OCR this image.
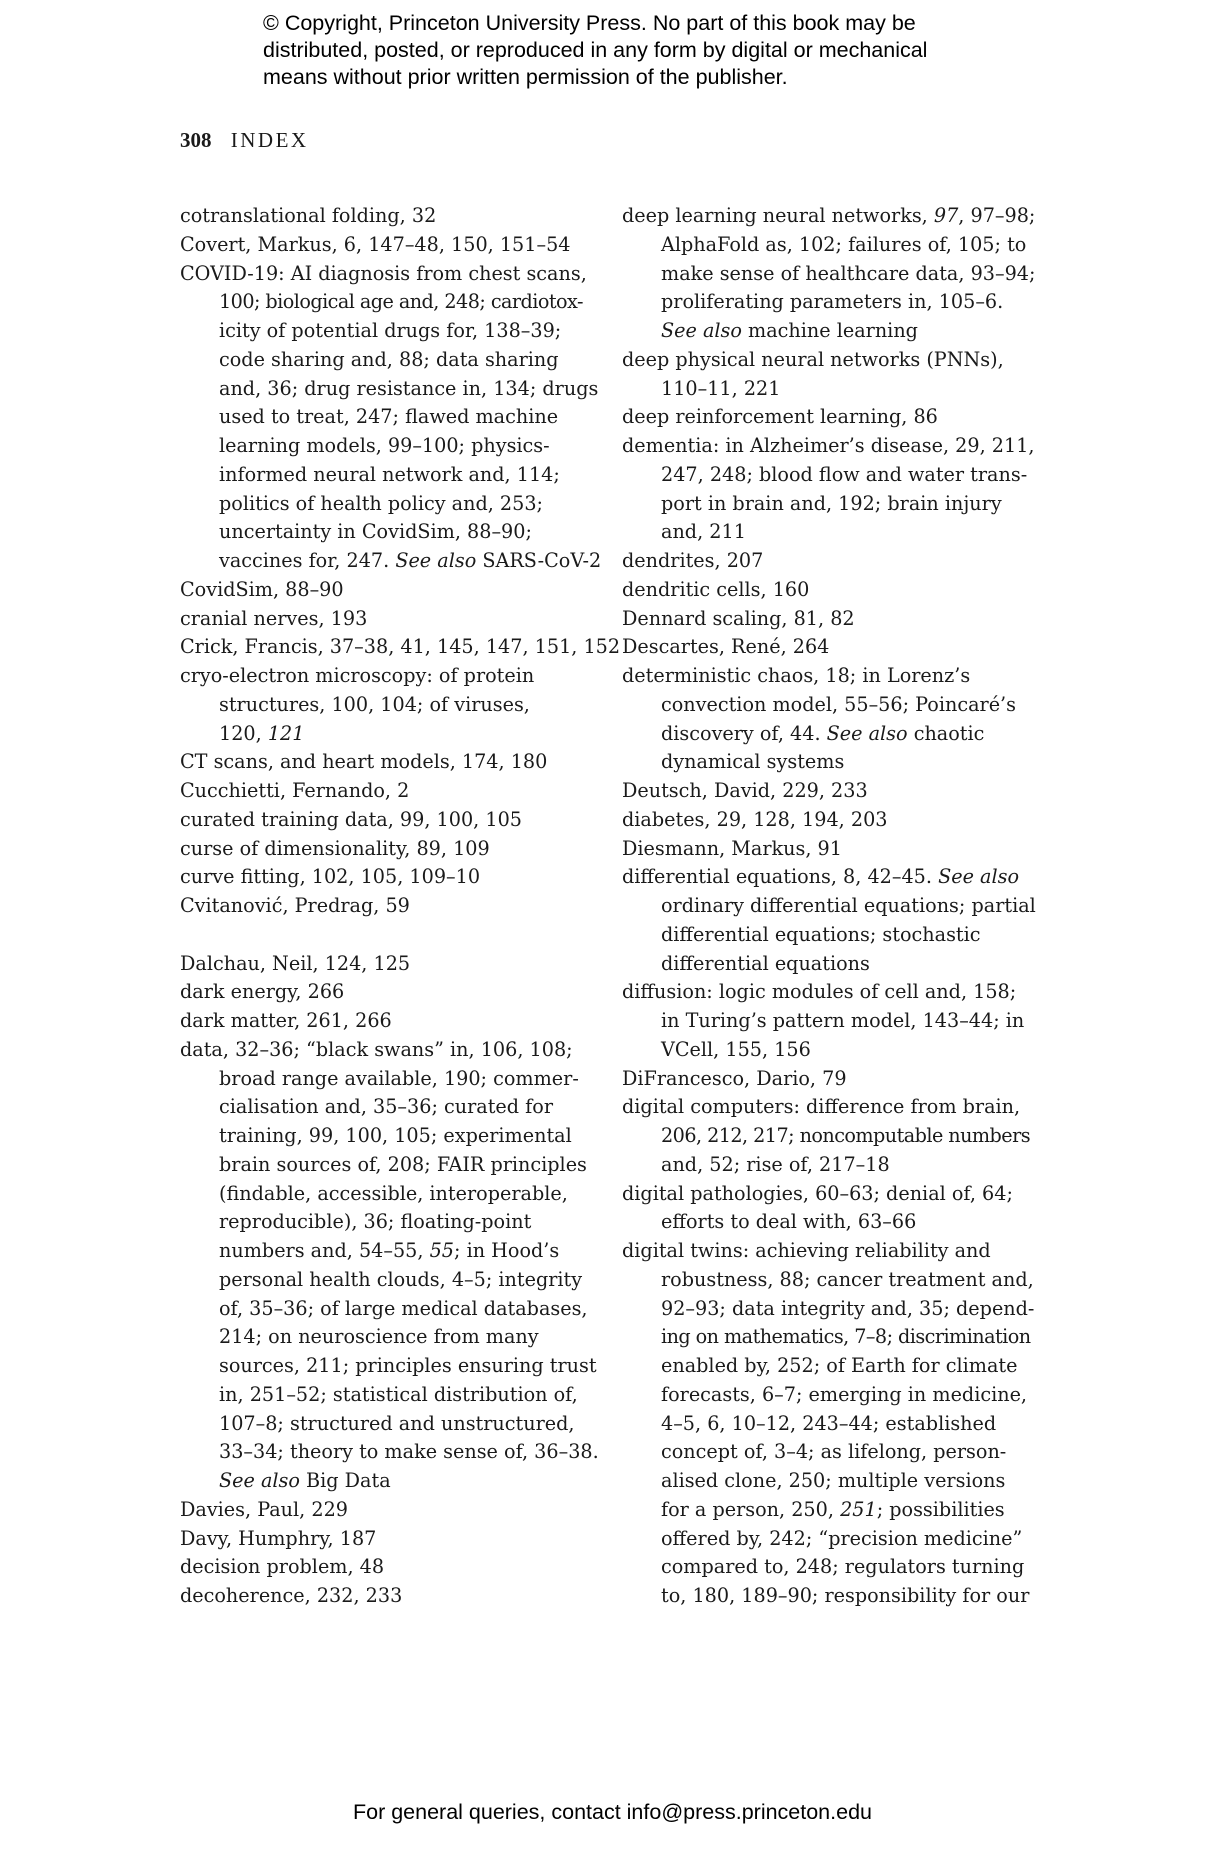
© Copyright, Princeton University Press. No part of this book may be
distributed, posted, or reproduced in any form by digital or mechanical
means without prior written permission of the publisher.
308 INDEX

cotranslational folding, 32

Covert, Markus, 6, 147–48, 150, 151–54

COVID-19: AI diagnosis from chest scans,
100; biological age and, 248; cardiotox-
icity of potential drugs for, 138–39;
code sharing and, 88; data sharing
and, 36; drug resistance in, 134; drugs
used to treat, 247; flawed machine
learning models, 99–100; physics-
informed neural network and, 114;
politics of health policy and, 253;
uncertainty in CovidSim, 88–90;
vaccines for, 247. See also SARS-CoV-2

CovidSim, 88–90

cranial nerves, 193

Crick, Francis, 37–38, 41, 145, 147, 151, 152

cryo-electron microscopy: of protein
structures, 100, 104; of viruses,
120, 121

CT scans, and heart models, 174, 180

Cucchietti, Fernando, 2

curated training data, 99, 100, 105

curse of dimensionality, 89, 109

curve fitting, 102, 105, 109–10

Cvitanović, Predrag, 59

Dalchau, Neil, 124, 125

dark energy, 266

dark matter, 261, 266

data, 32–36; “black swans” in, 106, 108;
broad range available, 190; commer-
cialisation and, 35–36; curated for
training, 99, 100, 105; experimental
brain sources of, 208; FAIR principles
(findable, accessible, interoperable,
reproducible), 36; floating-point
numbers and, 54–55, 55; in Hood’s
personal health clouds, 4–5; integrity
of, 35–36; of large medical databases,
214; on neuroscience from many
sources, 211; principles ensuring trust
in, 251–52; statistical distribution of,
107–8; structured and unstructured,
33–34; theory to make sense of, 36–38.
See also Big Data

Davies, Paul, 229

Davy, Humphry, 187

decision problem, 48

decoherence, 232, 233

deep learning neural networks, 97, 97–98;
AlphaFold as, 102; failures of, 105; to
make sense of healthcare data, 93–94;
proliferating parameters in, 105–6.
See also machine learning

deep physical neural networks (PNNs),
110–11, 221

deep reinforcement learning, 86

dementia: in Alzheimer’s disease, 29, 211,
247, 248; blood flow and water trans-
port in brain and, 192; brain injury
and, 211

dendrites, 207

dendritic cells, 160

Dennard scaling, 81, 82

Descartes, René, 264

deterministic chaos, 18; in Lorenz’s
convection model, 55–56; Poincaré’s
discovery of, 44. See also chaotic
dynamical systems

Deutsch, David, 229, 233

diabetes, 29, 128, 194, 203

Diesmann, Markus, 91

differential equations, 8, 42–45. See also
ordinary differential equations; partial
differential equations; stochastic
differential equations

diffusion: logic modules of cell and, 158;
in Turing’s pattern model, 143–44; in
VCell, 155, 156

DiFrancesco, Dario, 79

digital computers: difference from brain,
206, 212, 217; noncomputable numbers
and, 52; rise of, 217–18

digital pathologies, 60–63; denial of, 64;
efforts to deal with, 63–66

digital twins: achieving reliability and
robustness, 88; cancer treatment and,
92–93; data integrity and, 35; depend-
ing on mathematics, 7–8; discrimination
enabled by, 252; of Earth for climate
forecasts, 6–7; emerging in medicine,
4–5, 6, 10–12, 243–44; established
concept of, 3–4; as lifelong, person-
alised clone, 250; multiple versions
for a person, 250, 251; possibilities
offered by, 242; “precision medicine”
compared to, 248; regulators turning
to, 180, 189–90; responsibility for our

For general queries, contact info@press.princeton.edu
